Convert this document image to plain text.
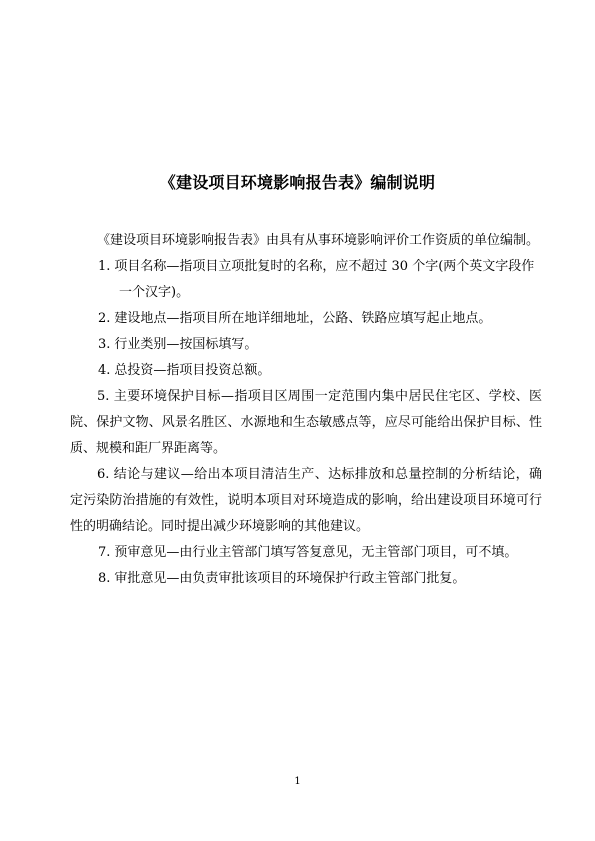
《建设项目环境影响报告表》编制说明

《建设项目环境影响报告表》由具有从事环境影响评价工作资质的单位编制。

1. 项目名称—指项目立项批复时的名称，应不超过 30 个字(两个英文字段作一个汉字)。

2. 建设地点—指项目所在地详细地址，公路、铁路应填写起止地点。

3. 行业类别—按国标填写。

4. 总投资—指项目投资总额。

5. 主要环境保护目标—指项目区周围一定范围内集中居民住宅区、学校、医院、保护文物、风景名胜区、水源地和生态敏感点等，应尽可能给出保护目标、性质、规模和距厂界距离等。

6. 结论与建议—给出本项目清洁生产、达标排放和总量控制的分析结论，确定污染防治措施的有效性，说明本项目对环境造成的影响，给出建设项目环境可行性的明确结论。同时提出减少环境影响的其他建议。

7. 预审意见—由行业主管部门填写答复意见，无主管部门项目，可不填。

8. 审批意见—由负责审批该项目的环境保护行政主管部门批复。

1
